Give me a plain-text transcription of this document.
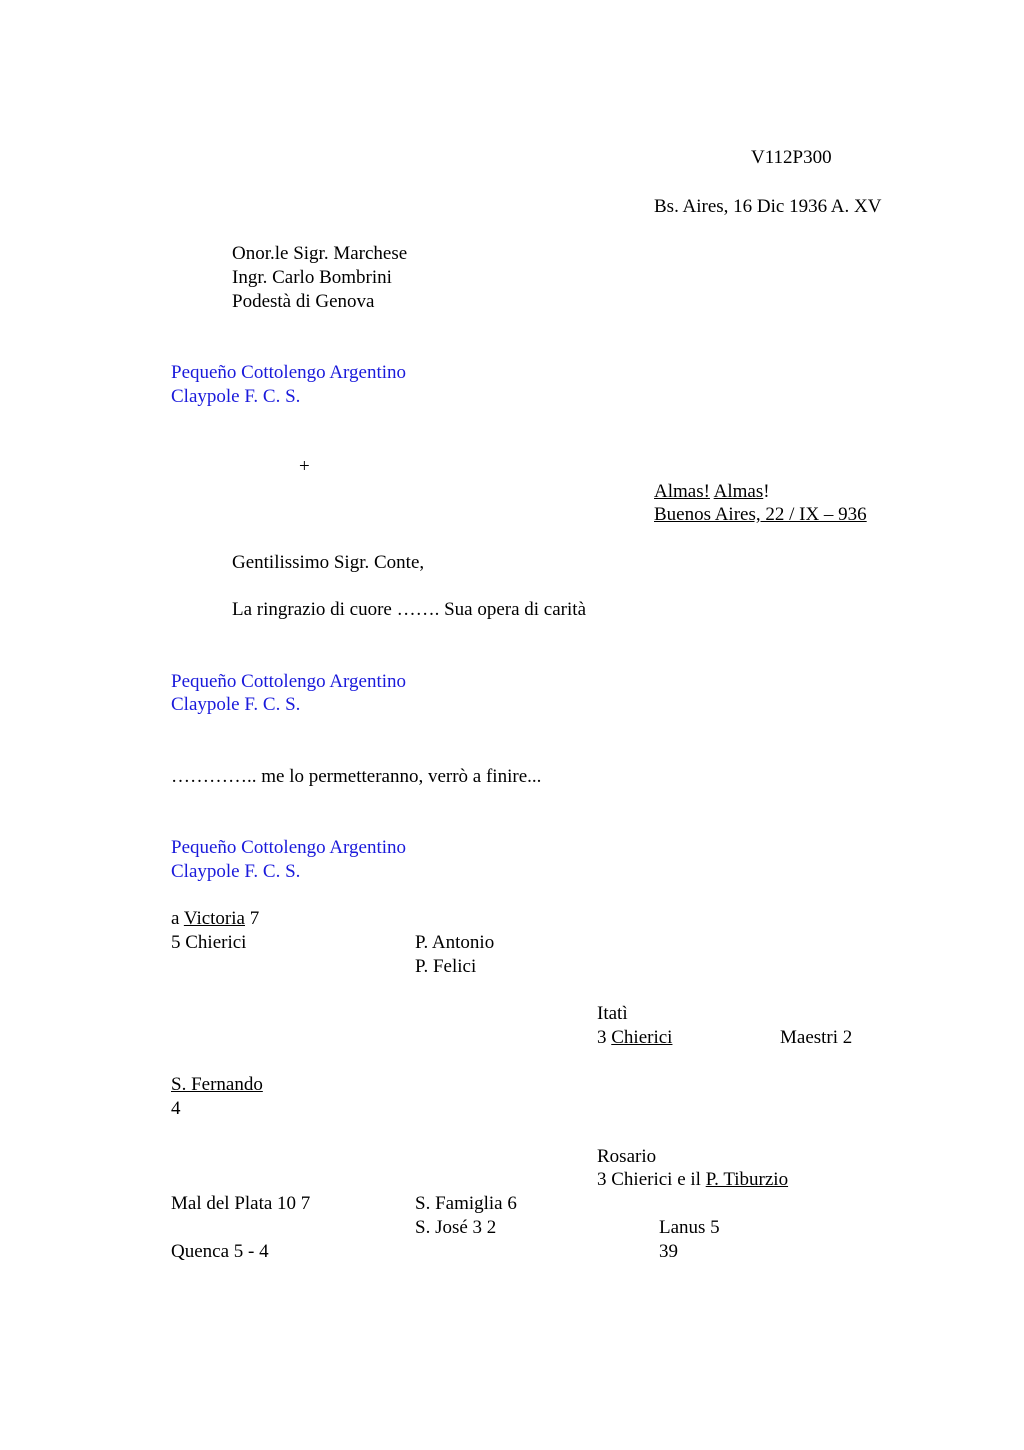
V112P300
Bs. Aires, 16 Dic 1936 A. XV
Onor.le Sigr. Marchese
Ingr. Carlo Bombrini
Podestà di Genova
Pequeño Cottolengo Argentino
Claypole F. C. S.
+
Almas! Almas!
Buenos Aires, 22 / IX – 936
Gentilissimo Sigr. Conte,
La ringrazio di cuore ……. Sua opera di carità
Pequeño Cottolengo Argentino
Claypole F. C. S.
………….. me lo permetteranno, verrò a finire...
Pequeño Cottolengo Argentino
Claypole F. C. S.
a Victoria 7
5 Chierici	P. Antonio
P. Felici
Itatì
3 Chierici	Maestri 2
S. Fernando
4
Rosario
3 Chierici e il P. Tiburzio
Mal del Plata 10 7	S. Famiglia 6
S. José 3 2	Lanus 5
Quenca 5 - 4	39
